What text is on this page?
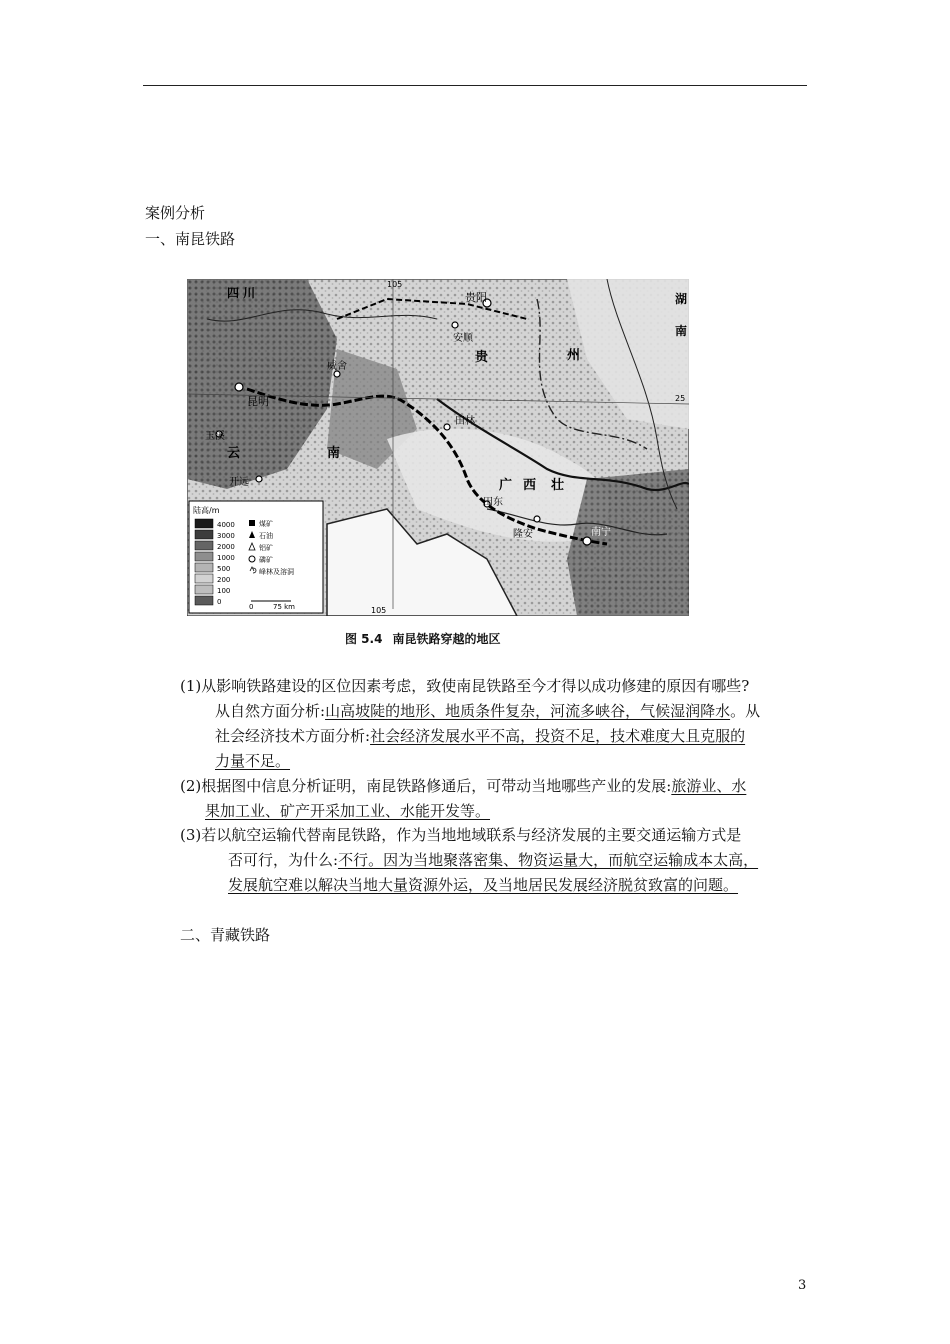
案例分析
一、南昆铁路
四 川
昆明
贵阳
安顺
贵	州
湖
南
威舍
云	南
玉溪
开远
田林
田东
广 西 壮
南宁
隆安
105
105
25
陆高/m
4000
3000
2000
1000
500
200
100
0
煤矿
石油
铝矿
磷矿
峰林及溶洞
0	75 km
图 5.4 南昆铁路穿越的地区
(1)从影响铁路建设的区位因素考虑，致使南昆铁路至今才得以成功修建的原因有哪些?
从自然方面分析:山高坡陡的地形、地质条件复杂，河流多峡谷，气候湿润降水。从
社会经济技术方面分析:社会经济发展水平不高，投资不足，技术难度大且克服的
力量不足。
(2)根据图中信息分析证明，南昆铁路修通后，可带动当地哪些产业的发展:旅游业、水
果加工业、矿产开采加工业、水能开发等。
(3)若以航空运输代替南昆铁路，作为当地地域联系与经济发展的主要交通运输方式是
否可行，为什么:不行。因为当地聚落密集、物资运量大，而航空运输成本太高，
发展航空难以解决当地大量资源外运，及当地居民发展经济脱贫致富的问题。
二、青藏铁路
3
